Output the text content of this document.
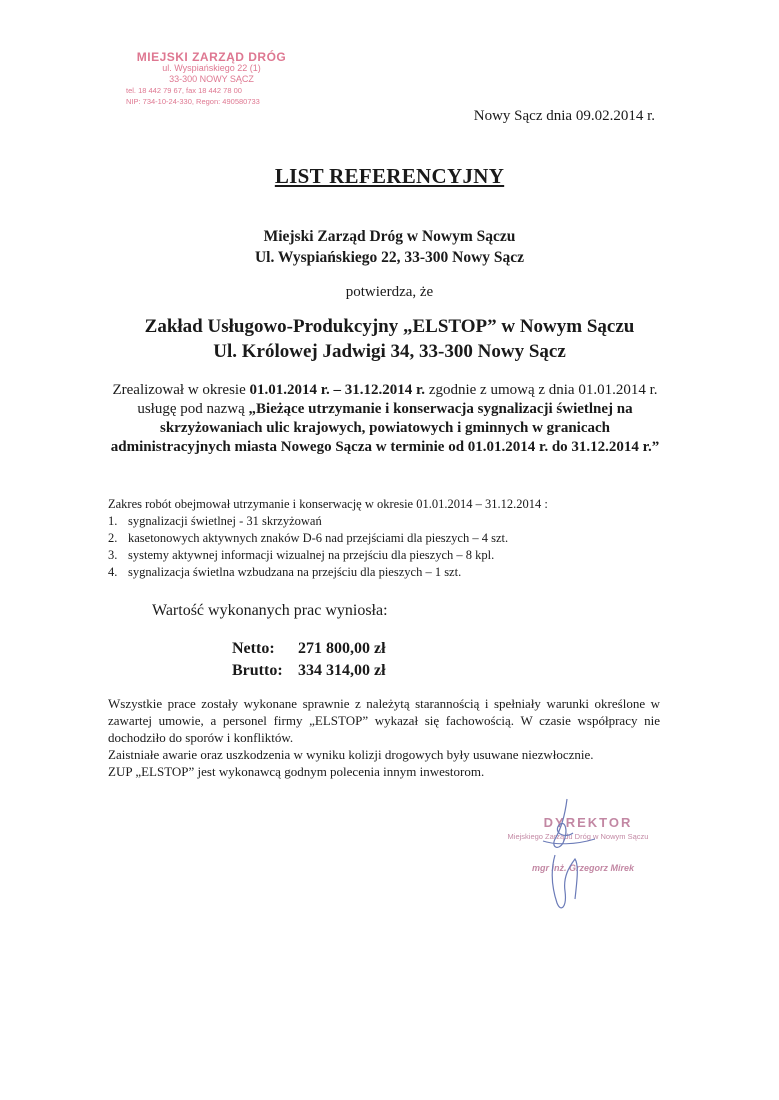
MIEJSKI ZARZĄD DRÓG
ul. Wyspiańskiego 22 (1)
33-300 NOWY SĄCZ
tel. 18 442 79 67, fax 18 442 78 00
NIP: 734-10-24-330, Regon: 490580733
Nowy Sącz dnia 09.02.2014 r.
LIST REFERENCYJNY
Miejski Zarząd Dróg w Nowym Sączu
Ul. Wyspiańskiego 22, 33-300 Nowy Sącz
potwierdza, że
Zakład Usługowo-Produkcyjny „ELSTOP” w Nowym Sączu
Ul. Królowej Jadwigi 34, 33-300 Nowy Sącz
Zrealizował w okresie 01.01.2014 r. – 31.12.2014 r. zgodnie z umową z dnia 01.01.2014 r. usługę pod nazwą „Bieżące utrzymanie i konserwacja sygnalizacji świetlnej na skrzyżowaniach ulic krajowych, powiatowych i gminnych w granicach administracyjnych miasta Nowego Sącza w terminie od 01.01.2014 r. do 31.12.2014 r.”
Zakres robót obejmował utrzymanie i konserwację w okresie 01.01.2014 – 31.12.2014 :
1. sygnalizacji świetlnej - 31 skrzyżowań
2. kasetonowych aktywnych znaków D-6 nad przejściami dla pieszych – 4 szt.
3. systemy aktywnej informacji wizualnej na przejściu dla pieszych – 8 kpl.
4. sygnalizacja świetlna wzbudzana na przejściu dla pieszych – 1 szt.
Wartość wykonanych prac wyniosła:
Netto: 271 800,00 zł
Brutto: 334 314,00 zł

Wszystkie prace zostały wykonane sprawnie z należytą starannością i spełniały warunki określone w zawartej umowie, a personel firmy „ELSTOP” wykazał się fachowością. W czasie współpracy nie dochodziło do sporów i konfliktów.

Zaistniałe awarie oraz uszkodzenia w wyniku kolizji drogowych były usuwane niezwłocznie.

ZUP „ELSTOP” jest wykonawcą godnym polecenia innym inwestorom.

DYREKTOR
Miejskiego Zarządu Dróg w Nowym Sączu
mgr inż. Grzegorz Mirek
